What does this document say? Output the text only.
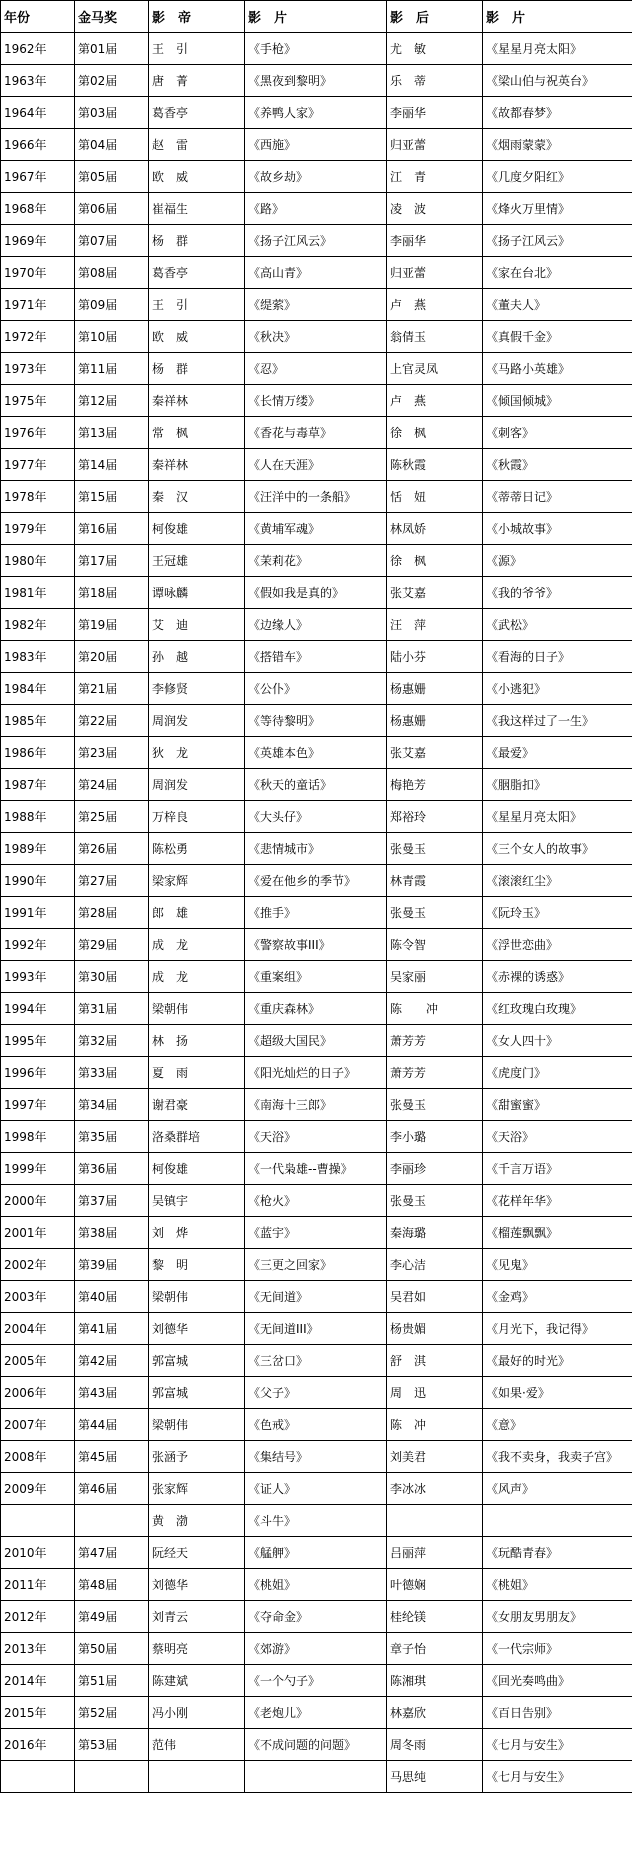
年份	金马奖	影　帝	影　片	影　后	影　片
1962年	第01届	王　引	《手枪》	尤　敏	《星星月亮太阳》
1963年	第02届	唐　菁	《黑夜到黎明》	乐　蒂	《梁山伯与祝英台》
1964年	第03届	葛香亭	《养鸭人家》	李丽华	《故都春梦》
1966年	第04届	赵　雷	《西施》	归亚蕾	《烟雨蒙蒙》
1967年	第05届	欧　威	《故乡劫》	江　青	《几度夕阳红》
1968年	第06届	崔福生	《路》	凌　波	《烽火万里情》
1969年	第07届	杨　群	《扬子江风云》	李丽华	《扬子江风云》
1970年	第08届	葛香亭	《高山青》	归亚蕾	《家在台北》
1971年	第09届	王　引	《缇萦》	卢　燕	《董夫人》
1972年	第10届	欧　威	《秋决》	翁倩玉	《真假千金》
1973年	第11届	杨　群	《忍》	上官灵凤	《马路小英雄》
1975年	第12届	秦祥林	《长情万缕》	卢　燕	《倾国倾城》
1976年	第13届	常　枫	《香花与毒草》	徐　枫	《刺客》
1977年	第14届	秦祥林	《人在天涯》	陈秋霞	《秋霞》
1978年	第15届	秦　汉	《汪洋中的一条船》	恬　妞	《蒂蒂日记》
1979年	第16届	柯俊雄	《黄埔军魂》	林凤娇	《小城故事》
1980年	第17届	王冠雄	《茉莉花》	徐　枫	《源》
1981年	第18届	谭咏麟	《假如我是真的》	张艾嘉	《我的爷爷》
1982年	第19届	艾　迪	《边缘人》	汪　萍	《武松》
1983年	第20届	孙　越	《搭错车》	陆小芬	《看海的日子》
1984年	第21届	李修贤	《公仆》	杨惠姗	《小逃犯》
1985年	第22届	周润发	《等待黎明》	杨惠姗	《我这样过了一生》
1986年	第23届	狄　龙	《英雄本色》	张艾嘉	《最爱》
1987年	第24届	周润发	《秋天的童话》	梅艳芳	《胭脂扣》
1988年	第25届	万梓良	《大头仔》	郑裕玲	《星星月亮太阳》
1989年	第26届	陈松勇	《悲情城市》	张曼玉	《三个女人的故事》
1990年	第27届	梁家辉	《爱在他乡的季节》	林青霞	《滚滚红尘》
1991年	第28届	郎　雄	《推手》	张曼玉	《阮玲玉》
1992年	第29届	成　龙	《警察故事III》	陈令智	《浮世恋曲》
1993年	第30届	成　龙	《重案组》	吴家丽	《赤裸的诱惑》
1994年	第31届	梁朝伟	《重庆森林》	陈　　冲	《红玫瑰白玫瑰》
1995年	第32届	林　扬	《超级大国民》	萧芳芳	《女人四十》
1996年	第33届	夏　雨	《阳光灿烂的日子》	萧芳芳	《虎度门》
1997年	第34届	谢君豪	《南海十三郎》	张曼玉	《甜蜜蜜》
1998年	第35届	洛桑群培	《天浴》	李小璐	《天浴》
1999年	第36届	柯俊雄	《一代枭雄--曹操》	李丽珍	《千言万语》
2000年	第37届	吴镇宇	《枪火》	张曼玉	《花样年华》
2001年	第38届	刘　烨	《蓝宇》	秦海璐	《榴莲飘飘》
2002年	第39届	黎　明	《三更之回家》	李心洁	《见鬼》
2003年	第40届	梁朝伟	《无间道》	吴君如	《金鸡》
2004年	第41届	刘德华	《无间道III》	杨贵媚	《月光下，我记得》
2005年	第42届	郭富城	《三岔口》	舒　淇	《最好的时光》
2006年	第43届	郭富城	《父子》	周　迅	《如果·爱》
2007年	第44届	梁朝伟	《色戒》	陈　冲	《意》
2008年	第45届	张涵予	《集结号》	刘美君	《我不卖身，我卖子宫》
2009年	第46届	张家辉	《证人》	李冰冰	《风声》
		黄　渤	《斗牛》		
2010年	第47届	阮经天	《艋舺》	吕丽萍	《玩酷青春》
2011年	第48届	刘德华	《桃姐》	叶德娴	《桃姐》
2012年	第49届	刘青云	《夺命金》	桂纶镁	《女朋友男朋友》
2013年	第50届	蔡明亮	《郊游》	章子怡	《一代宗师》
2014年	第51届	陈建斌	《一个勺子》	陈湘琪	《回光奏鸣曲》
2015年	第52届	冯小刚	《老炮儿》	林嘉欣	《百日告别》
2016年	第53届	范伟	《不成问题的问题》	周冬雨	《七月与安生》
				马思纯	《七月与安生》
